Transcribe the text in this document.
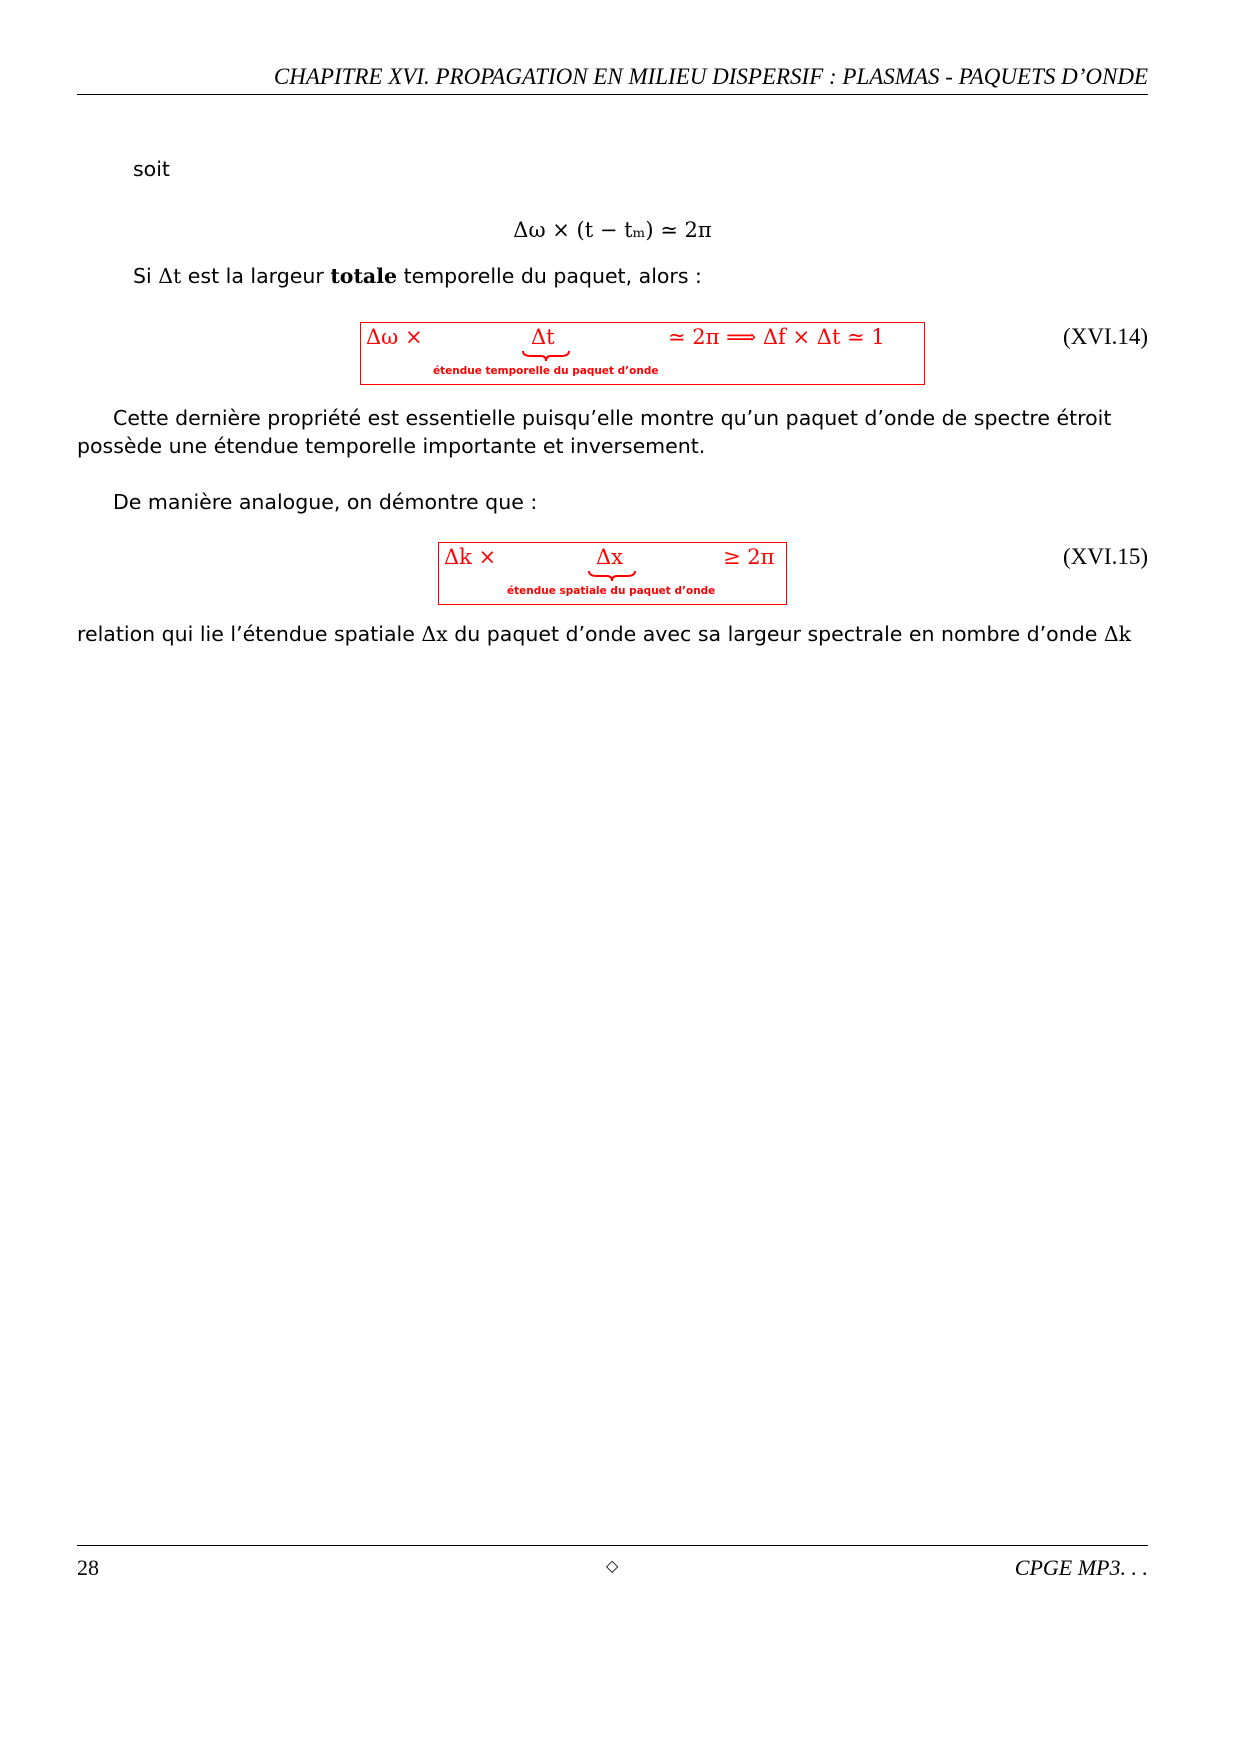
CHAPITRE XVI. PROPAGATION EN MILIEU DISPERSIF : PLASMAS - PAQUETS D’ONDE
soit
Δω × (t − tₘ) ≃ 2π
Si Δt est la largeur totale temporelle du paquet, alors :
Δω ×	Δt
étendue temporelle du paquet d’onde
≃ 2π ⟹ Δf × Δt ≃ 1	(XVI.14)
Cette dernière propriété est essentielle puisqu’elle montre qu’un paquet d’onde de spectre étroit possède une étendue temporelle importante et inversement.
De manière analogue, on démontre que :
Δk ×	Δx
étendue spatiale du paquet d’onde
≥ 2π	(XVI.15)
relation qui lie l’étendue spatiale Δx du paquet d’onde avec sa largeur spectrale en nombre d’onde Δk
28	◇	CPGE MP3. . .
